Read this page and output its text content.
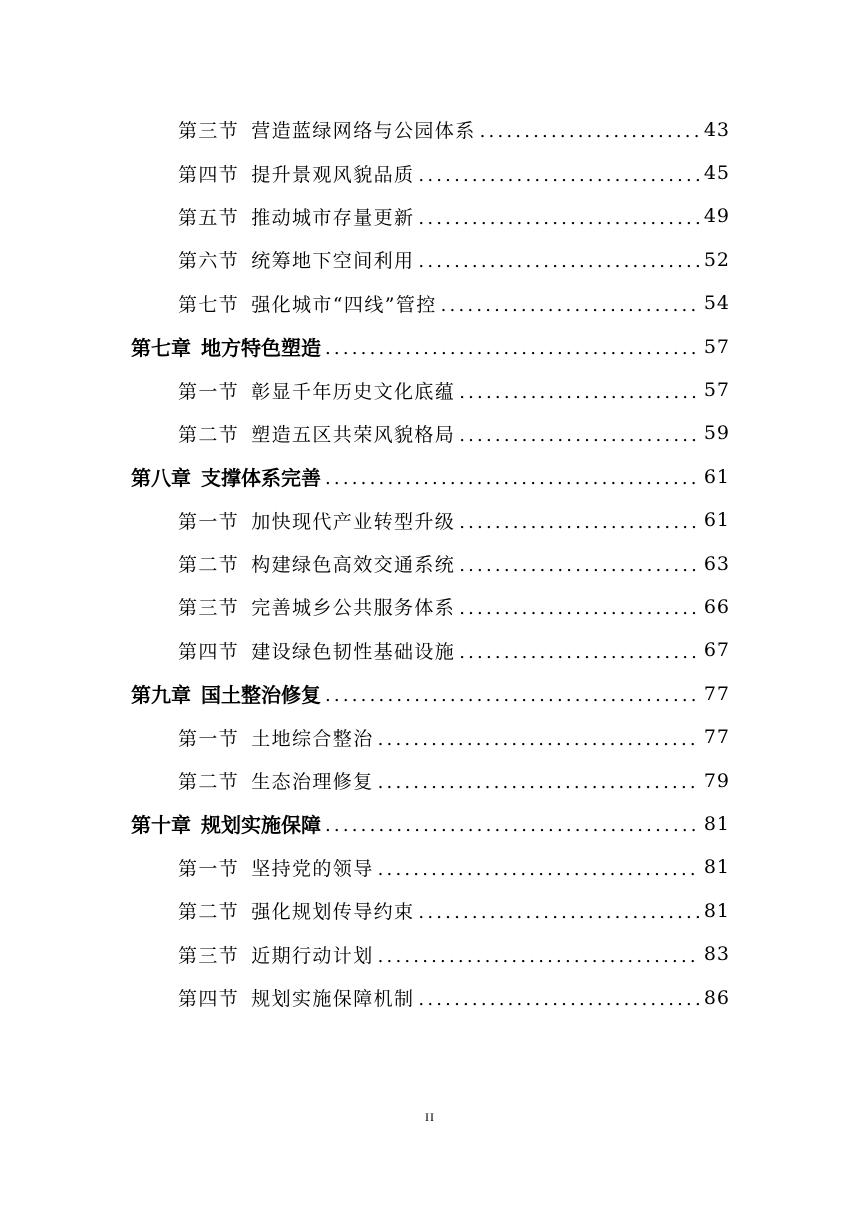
第三节 营造蓝绿网络与公园体系 .....	43
第四节 提升景观风貌品质 .....	45
第五节 推动城市存量更新 .....	49
第六节 统筹地下空间利用 .....	52
第七节 强化城市“四线”管控 .....	54
第七章 地方特色塑造 .....	57
第一节 彰显千年历史文化底蕴 .....	57
第二节 塑造五区共荣风貌格局 .....	59
第八章 支撑体系完善 .....	61
第一节 加快现代产业转型升级 .....	61
第二节 构建绿色高效交通系统 .....	63
第三节 完善城乡公共服务体系 .....	66
第四节 建设绿色韧性基础设施 .....	67
第九章 国土整治修复 .....	77
第一节 土地综合整治 .....	77
第二节 生态治理修复 .....	79
第十章 规划实施保障 .....	81
第一节 坚持党的领导 .....	81
第二节 强化规划传导约束 .....	81
第三节 近期行动计划 .....	83
第四节 规划实施保障机制 .....	86
II
